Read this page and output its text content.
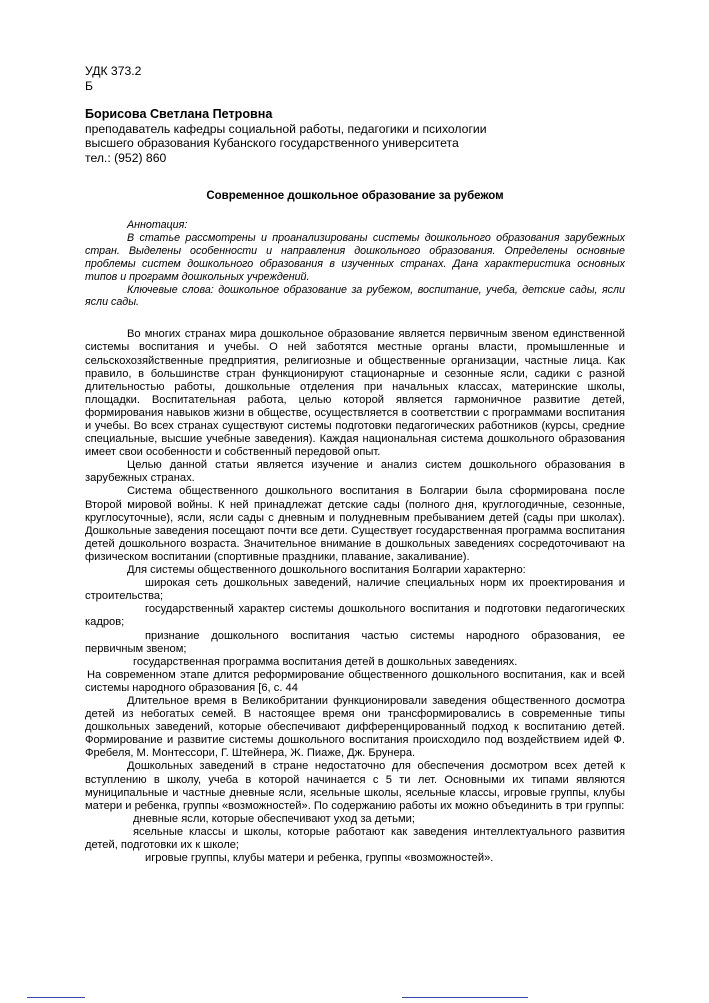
УДК 373.2
Б
Борисова Светлана Петровна
преподаватель кафедры социальной работы, педагогики и психологии
высшего образования Кубанского государственного университета
тел.: (952) 860
Современное дошкольное образование за рубежом

Аннотация:

В статье рассмотрены и проанализированы системы дошкольного образования зарубежных стран. Выделены особенности и направления дошкольного образования. Определены основные проблемы систем дошкольного образования в изученных странах. Дана характеристика основных типов и программ дошкольных учреждений.

Ключевые слова: дошкольное образование за рубежом, воспитание, учеба, детские сады, ясли ясли сады.

Во многих странах мира дошкольное образование является первичным звеном единственной системы воспитания и учебы. О ней заботятся местные органы власти, промышленные и сельскохозяйственные предприятия, религиозные и общественные организации, частные лица. Как правило, в большинстве стран функционируют стационарные и сезонные ясли, садики с разной длительностью работы, дошкольные отделения при начальных классах, материнские школы, площадки. Воспитательная работа, целью которой является гармоничное развитие детей, формирования навыков жизни в обществе, осуществляется в соответствии с программами воспитания и учебы. Во всех странах существуют системы подготовки педагогических работников (курсы, средние специальные, высшие учебные заведения). Каждая национальная система дошкольного образования имеет свои особенности и собственный передовой опыт.

Целью данной статьи является изучение и анализ систем дошкольного образования в зарубежных странах.

Система общественного дошкольного воспитания в Болгарии была сформирована после Второй мировой войны. К ней принадлежат детские сады (полного дня, круглогодичные, сезонные, круглосуточные), ясли, ясли сады с дневным и полудневным пребыванием детей (сады при школах). Дошкольные заведения посещают почти все дети. Существует государственная программа воспитания детей дошкольного возраста. Значительное внимание в дошкольных заведениях сосредоточивают на физическом воспитании (спортивные праздники, плавание, закаливание).

Для системы общественного дошкольного воспитания Болгарии характерно:

широкая сеть дошкольных заведений, наличие специальных норм их проектирования и строительства;

государственный характер системы дошкольного воспитания и подготовки педагогических кадров;

признание дошкольного воспитания частью системы народного образования, ее первичным звеном;

государственная программа воспитания детей в дошкольных заведениях.

На современном этапе длится реформирование общественного дошкольного воспитания, как и всей системы народного образования [6, с. 44

Длительное время в Великобритании функционировали заведения общественного досмотра детей из небогатых семей. В настоящее время они трансформировались в современные типы дошкольных заведений, которые обеспечивают дифференцированный подход к воспитанию детей. Формирование и развитие системы дошкольного воспитания происходило под воздействием идей Ф. Фребеля, М. Монтессори, Г. Штейнера, Ж. Пиаже, Дж. Брунера.

Дошкольных заведений в стране недостаточно для обеспечения досмотром всех детей к вступлению в школу, учеба в которой начинается с 5 ти лет. Основными их типами являются муниципальные и частные дневные ясли, ясельные школы, ясельные классы, игровые группы, клубы матери и ребенка, группы «возможностей». По содержанию работы их можно объединить в три группы:

дневные ясли, которые обеспечивают уход за детьми;

ясельные классы и школы, которые работают как заведения интеллектуального развития детей, подготовки их к школе;

игровые группы, клубы матери и ребенка, группы «возможностей».
